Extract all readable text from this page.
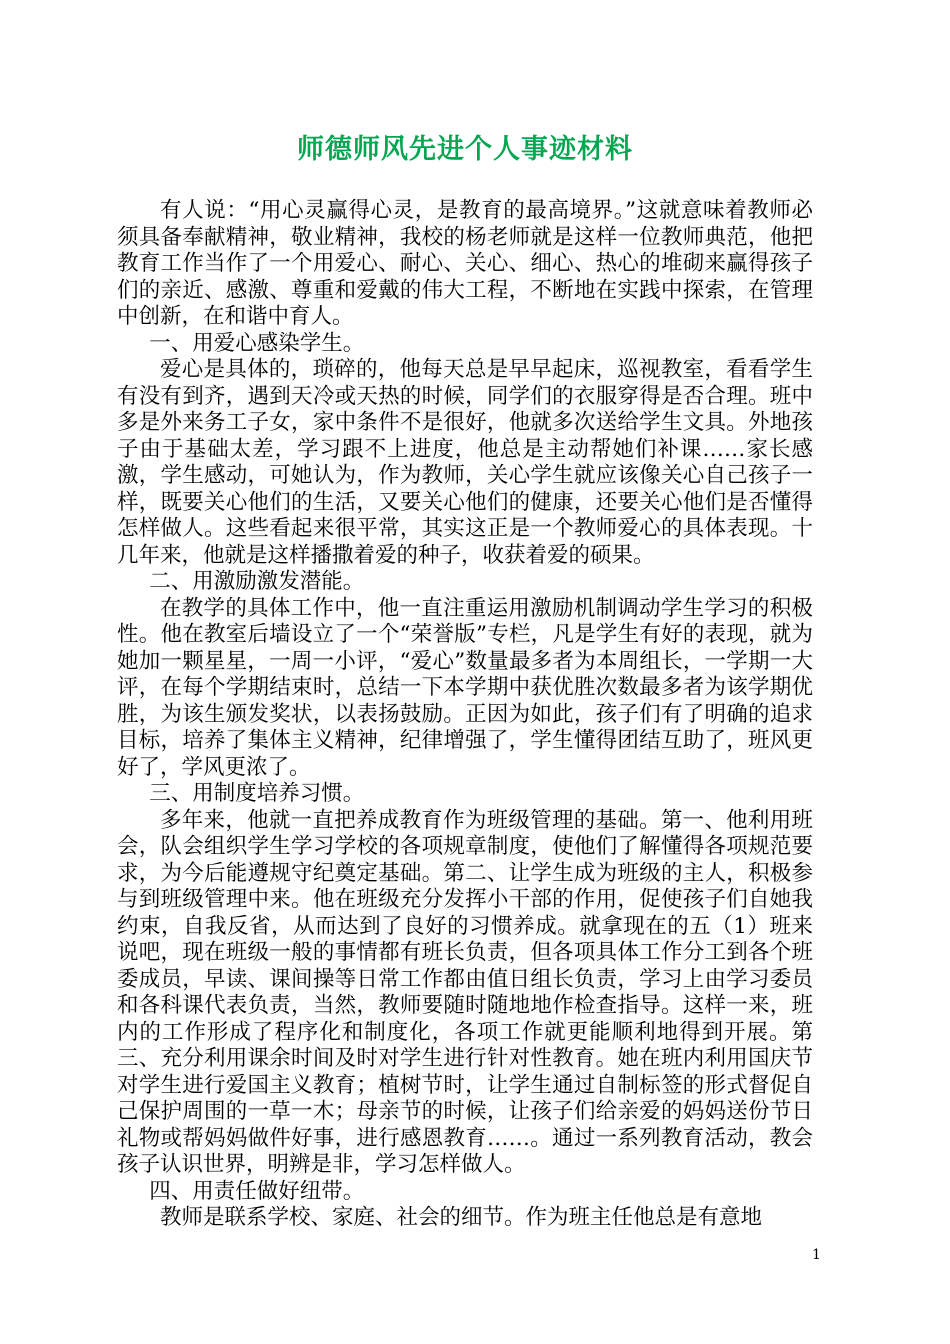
师德师风先进个人事迹材料

有人说：“用心灵赢得心灵，是教育的最高境界。”这就意味着教师必须具备奉献精神，敬业精神，我校的杨老师就是这样一位教师典范，他把教育工作当作了一个用爱心、耐心、关心、细心、热心的堆砌来赢得孩子们的亲近、感激、尊重和爱戴的伟大工程，不断地在实践中探索，在管理中创新，在和谐中育人。

一、用爱心感染学生。

爱心是具体的，琐碎的，他每天总是早早起床，巡视教室，看看学生有没有到齐，遇到天冷或天热的时候，同学们的衣服穿得是否合理。班中多是外来务工子女，家中条件不是很好，他就多次送给学生文具。外地孩子由于基础太差，学习跟不上进度，他总是主动帮她们补课……家长感激，学生感动，可她认为，作为教师，关心学生就应该像关心自己孩子一样，既要关心他们的生活，又要关心他们的健康，还要关心他们是否懂得怎样做人。这些看起来很平常，其实这正是一个教师爱心的具体表现。十几年来，他就是这样播撒着爱的种子，收获着爱的硕果。

二、用激励激发潜能。

在教学的具体工作中，他一直注重运用激励机制调动学生学习的积极性。他在教室后墙设立了一个“荣誉版”专栏，凡是学生有好的表现，就为她加一颗星星，一周一小评，“爱心”数量最多者为本周组长，一学期一大评，在每个学期结束时，总结一下本学期中获优胜次数最多者为该学期优胜，为该生颁发奖状，以表扬鼓励。正因为如此，孩子们有了明确的追求目标，培养了集体主义精神，纪律增强了，学生懂得团结互助了，班风更好了，学风更浓了。

三、用制度培养习惯。

多年来，他就一直把养成教育作为班级管理的基础。第一、他利用班会，队会组织学生学习学校的各项规章制度，使他们了解懂得各项规范要求，为今后能遵规守纪奠定基础。第二、让学生成为班级的主人，积极参与到班级管理中来。他在班级充分发挥小干部的作用，促使孩子们自她我约束，自我反省，从而达到了良好的习惯养成。就拿现在的五（1）班来说吧，现在班级一般的事情都有班长负责，但各项具体工作分工到各个班委成员，早读、课间操等日常工作都由值日组长负责，学习上由学习委员和各科课代表负责，当然，教师要随时随地地作检查指导。这样一来，班内的工作形成了程序化和制度化，各项工作就更能顺利地得到开展。第三、充分利用课余时间及时对学生进行针对性教育。她在班内利用国庆节对学生进行爱国主义教育；植树节时，让学生通过自制标签的形式督促自己保护周围的一草一木；母亲节的时候，让孩子们给亲爱的妈妈送份节日礼物或帮妈妈做件好事，进行感恩教育……。通过一系列教育活动，教会孩子认识世界，明辨是非，学习怎样做人。

四、用责任做好纽带。

教师是联系学校、家庭、社会的细节。作为班主任他总是有意地

1
